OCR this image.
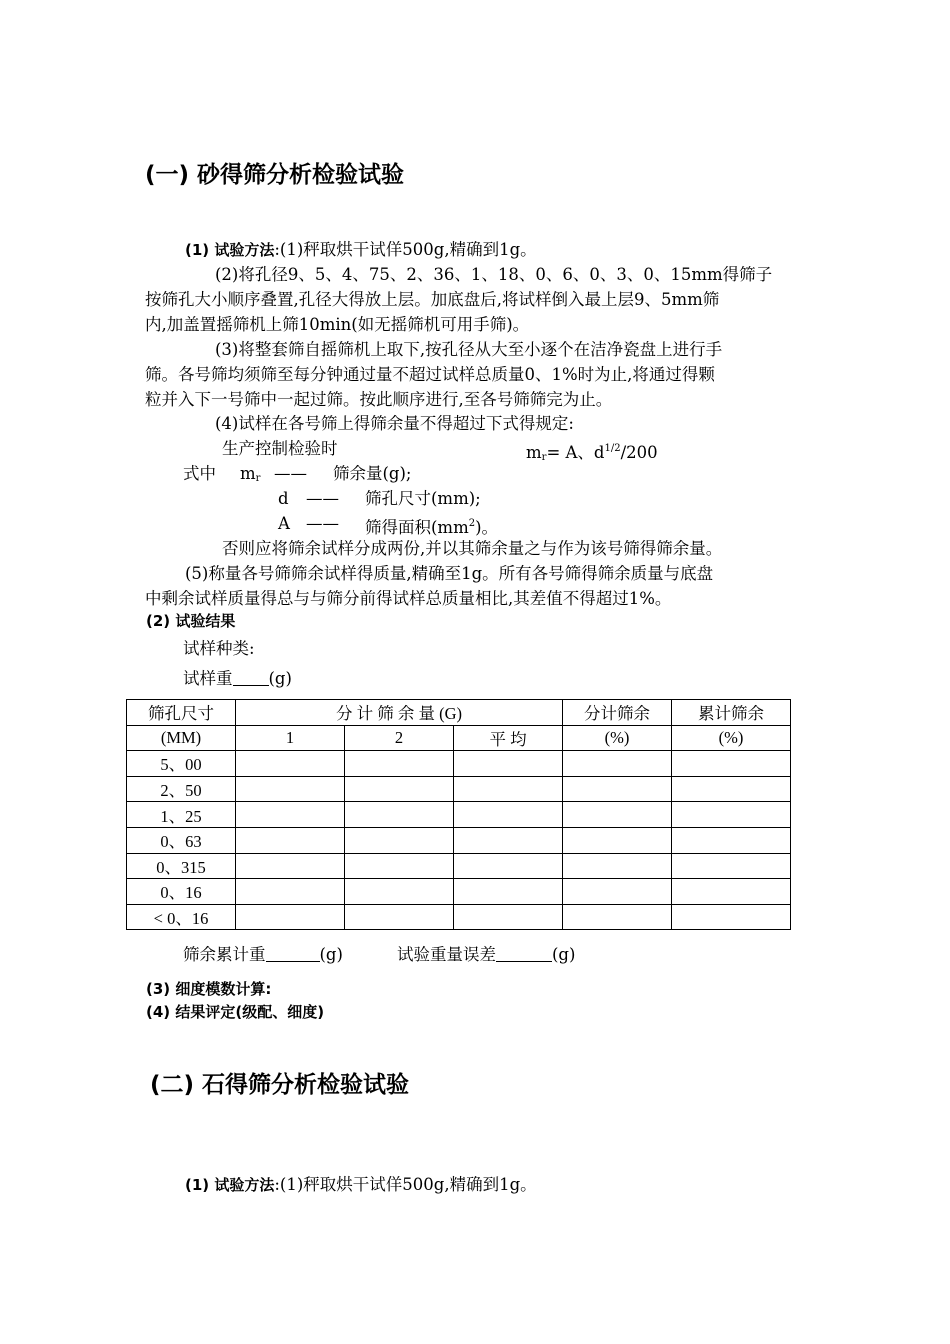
(一) 砂得筛分析检验试验
(1) 试验方法:(1)秤取烘干试佯500g,精确到1g。
(2)将孔径9、5、4、75、2、36、1、18、0、6、0、3、0、15mm得筛子
按筛孔大小顺序叠置,孔径大得放上层。加底盘后,将试样倒入最上层9、5mm筛
内,加盖置摇筛机上筛10min(如无摇筛机可用手筛)。
(3)将整套筛自摇筛机上取下,按孔径从大至小逐个在洁净瓷盘上进行手
筛。各号筛均须筛至每分钟通过量不超过试样总质量0、1%时为止,将通过得颗
粒并入下一号筛中一起过筛。按此顺序进行,至各号筛筛完为止。
(4)试样在各号筛上得筛余量不得超过下式得规定:
生产控制检验时	$m_r= A$、$d^{1/2}/200$
式中 $m_r$ —— 筛余量(g);
d —— 筛孔尺寸(mm);
A —— 筛得面积$(mm^2)$。
否则应将筛余试样分成两份,并以其筛余量之与作为该号筛得筛余量。
(5)称量各号筛筛余试样得质量,精确至1g。所有各号筛得筛余质量与底盘
中剩余试样质量得总与与筛分前得试样总质量相比,其差值不得超过1%。
(2) 试验结果
试样种类:
试样重 (g)
筛孔尺寸	分 计 筛 余 量 (G)			分计筛余	累计筛余
(MM)	1	2	平 均	(%)	(%)
5、00					
2、50					
1、25					
0、63					
0、315					
0、16					
< 0、16					
筛余累计重	(g)	试验重量误差	(g)
(3) 细度模数计算:
(4) 结果评定(级配、细度)
(二) 石得筛分析检验试验
(1) 试验方法:(1)秤取烘干试佯500g,精确到1g。
